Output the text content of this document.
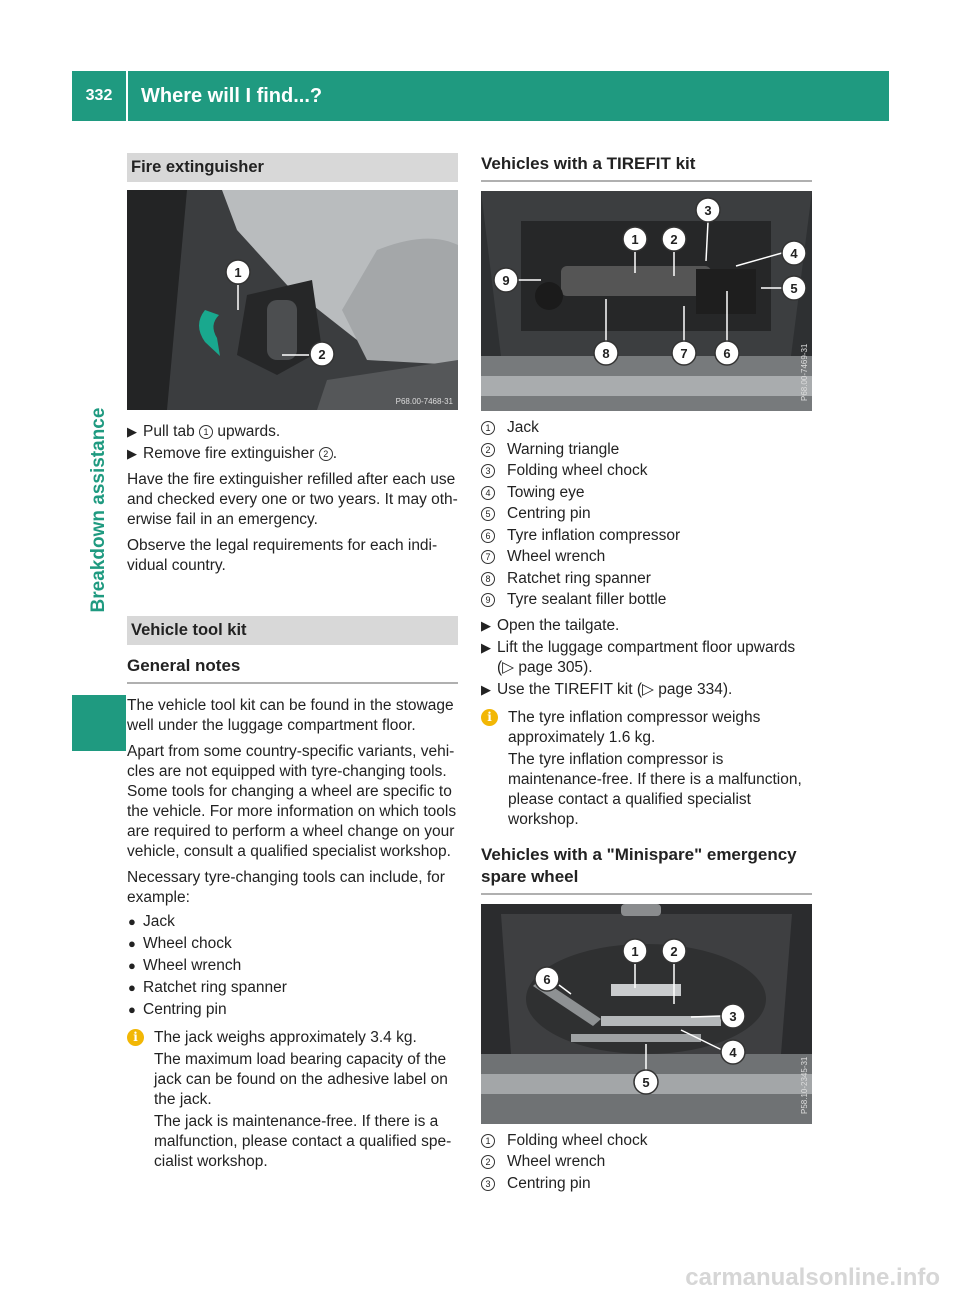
332	Where will I find...?
Breakdown assistance
Fire extinguisher
1
2
P68.00-7468-31
▶ Pull tab 1 upwards.
▶ Remove fire extinguisher 2 .

Have the fire extinguisher refilled after each use and checked every one or two years. It may oth-erwise fail in an emergency.

Observe the legal requirements for each indi-vidual country.

Vehicle tool kit
General notes

The vehicle tool kit can be found in the stowage well under the luggage compartment floor.

Apart from some country-specific variants, vehi-cles are not equipped with tyre-changing tools. Some tools for changing a wheel are specific to the vehicle. For more information on which tools are required to perform a wheel change on your vehicle, consult a qualified specialist workshop.

Necessary tyre-changing tools can include, for example:

● Jack
● Wheel chock
● Wheel wrench
● Ratchet ring spanner
● Centring pin
i	The jack weighs approximately 3.4 kg.

The maximum load bearing capacity of the jack can be found on the adhesive label on the jack.

The jack is maintenance-free. If there is a malfunction, please contact a qualified spe-cialist workshop.

Vehicles with a TIREFIT kit
1 2
3
4
5
6
7
8
9
P68.00-7469-31
1 Jack
2 Warning triangle
3 Folding wheel chock
4 Towing eye
5 Centring pin
6 Tyre inflation compressor
7 Wheel wrench
8 Ratchet ring spanner
9 Tyre sealant filler bottle
▶ Open the tailgate.
▶ Lift the luggage compartment floor upwards (▷ page 305).
▶ Use the TIREFIT kit (▷ page 334).
i	The tyre inflation compressor weighs approximately 1.6 kg.

The tyre inflation compressor is maintenance-free. If there is a malfunction, please contact a qualified specialist workshop.

Vehicles with a "Minispare" emergency spare wheel
1 2
3
4
5
6
P58.10-2345-31
1 Folding wheel chock
2 Wheel wrench
3 Centring pin
carmanualsonline.info
